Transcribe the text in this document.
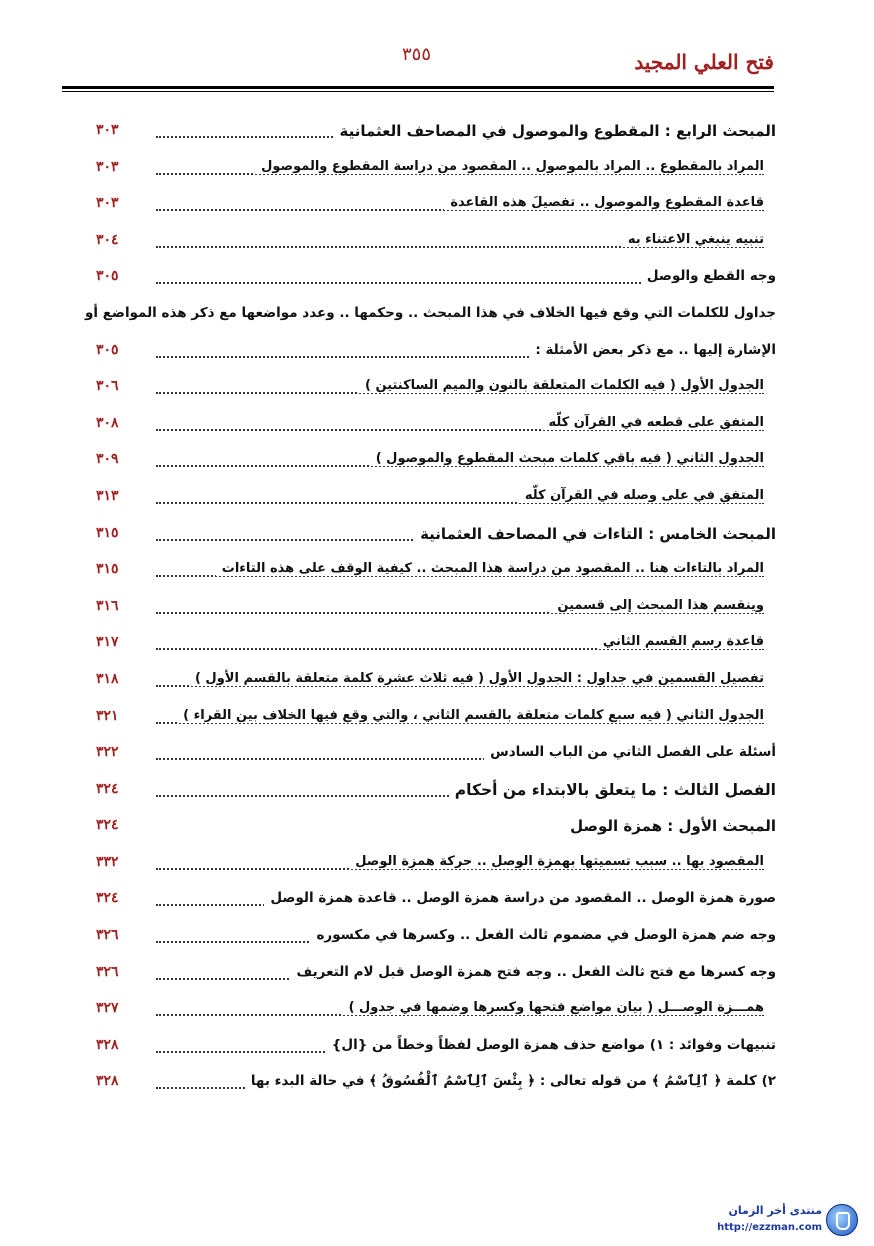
٣٥٥	فتح العلي المجيد
المبحث الرابع : المقطوع والموصول في المصاحف العثمانية
٣٠٣
المراد بالمقطوع .. المراد بالموصول .. المقصود من دراسة المقطوع والموصول
٣٠٣
قاعدة المقطوع والموصول .. تفصيلَ هذه القاعدة
٣٠٣
تنبيه ينبغي الاعتناء به
٣٠٤
وجه القطع والوصل
٣٠٥
جداول للكلمات التي وقع فيها الخلاف في هذا المبحث .. وحكمها .. وعدد مواضعها مع ذكر هذه المواضع أو
الإشارة إليها .. مع ذكر بعض الأمثلة :
٣٠٥
الجدول الأول ( فيه الكلمات المتعلقة بالنون والميم الساكنتين )
٣٠٦
المتفق على قطعه في القرآن كلّه
٣٠٨
الجدول الثاني ( فيه باقي كلمات مبحث المقطوع والموصول )
٣٠٩
المتفق في على وصله في القرآن كلّه
٣١٣
المبحث الخامس : التاءات في المصاحف العثمانية
٣١٥
المراد بالتاءات هنا .. المقصود من دراسة هذا المبحث .. كيفية الوقف على هذه التاءات
٣١٥
وينقسم هذا المبحث إلى قسمين
٣١٦
قاعدة رسم القسم الثاني
٣١٧
تفصيل القسمين في جداول : الجدول الأول ( فيه ثلاث عشرة كلمة متعلقة بالقسم الأول )
٣١٨
الجدول الثاني ( فيه سبع كلمات متعلقة بالقسم الثاني ، والتي وقع فيها الخلاف بين القراء )
٣٢١
أسئلة على الفصل الثاني من الباب السادس
٣٢٢
الفصل الثالث : ما يتعلق بالابتداء من أحكام
٣٢٤
المبحث الأول : همزة الوصل
٣٢٤
المقصود بها .. سبب تسميتها بهمزة الوصل .. حركة همزة الوصل
٣٣٢
صورة همزة الوصل .. المقصود من دراسة همزة الوصل .. قاعدة همزة الوصل
٣٢٤
وجه ضم همزة الوصل في مضموم ثالث الفعل .. وكسرها في مكسوره
٣٢٦
وجه كسرها مع فتح ثالث الفعل .. وجه فتح همزة الوصل قبل لام التعريف
٣٢٦
همـــزة الوصـــل ( بيان مواضع فتحها وكسرها وضمها في جدول )
٣٢٧
تنبيهات وفوائد : ١) مواضع حذف همزة الوصل لفظاً وخطاً من {ال}
٣٢٨
٢) كلمة ﴿ ٱلِٱسْمُ ﴾ من قوله تعالى : ﴿ بِئْسَ ٱلِٱسْمُ ٱلْفُسُوقُ ﴾ في حالة البدء بها
٣٢٨
منتدى أخر الزمان
http://ezzman.com
